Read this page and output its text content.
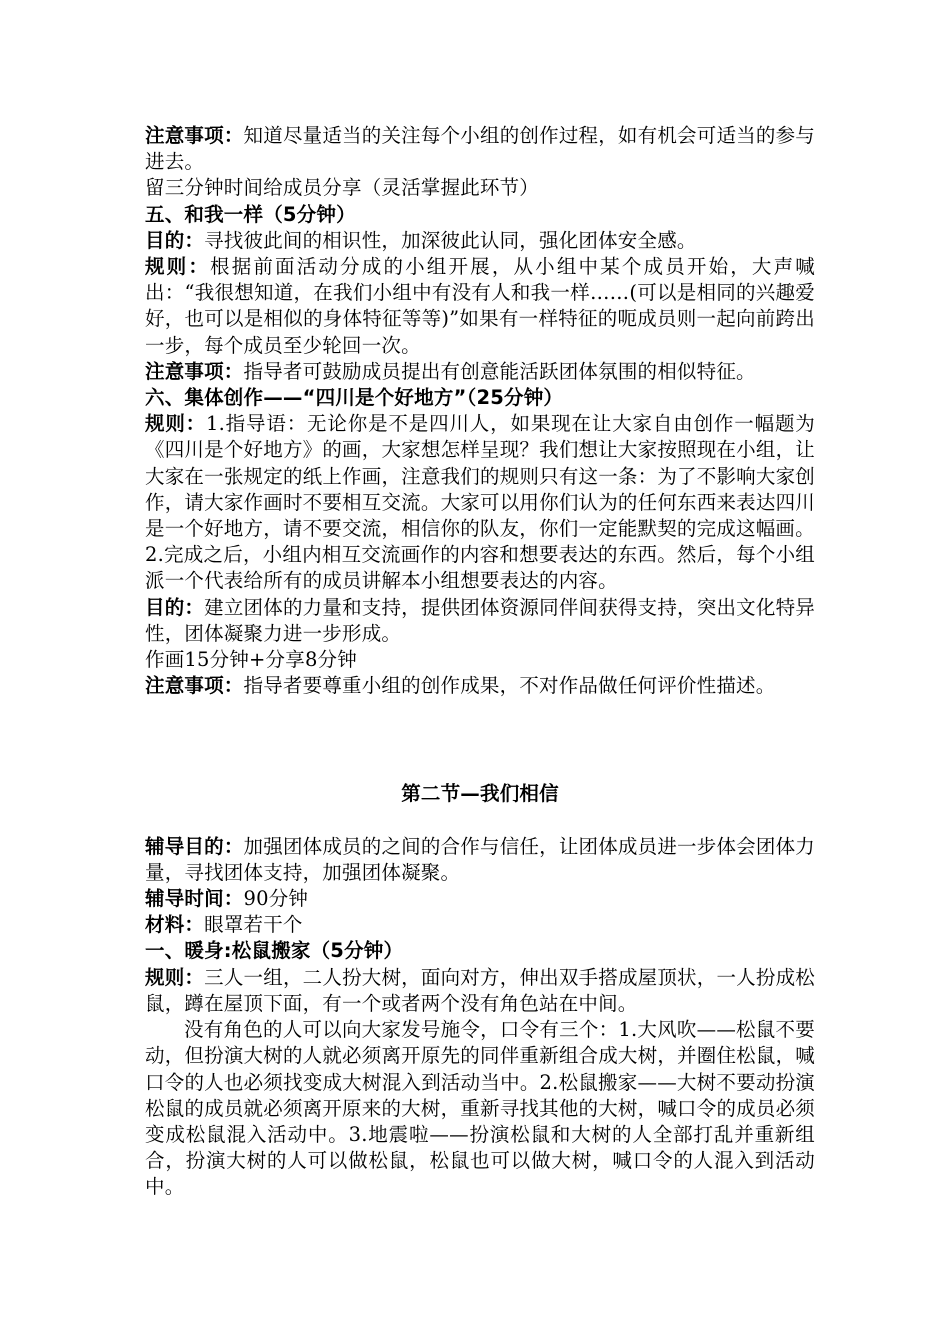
注意事项：知道尽量适当的关注每个小组的创作过程，如有机会可适当的参与进去。

留三分钟时间给成员分享（灵活掌握此环节）

五、和我一样（5分钟）

目的：寻找彼此间的相识性，加深彼此认同，强化团体安全感。

规则：根据前面活动分成的小组开展，从小组中某个成员开始，大声喊出：“我很想知道，在我们小组中有没有人和我一样……(可以是相同的兴趣爱好，也可以是相似的身体特征等等)”如果有一样特征的呃成员则一起向前跨出一步，每个成员至少轮回一次。

注意事项：指导者可鼓励成员提出有创意能活跃团体氛围的相似特征。

六、集体创作——“四川是个好地方”（25分钟）

规则：1.指导语：无论你是不是四川人，如果现在让大家自由创作一幅题为《四川是个好地方》的画，大家想怎样呈现？我们想让大家按照现在小组，让大家在一张规定的纸上作画，注意我们的规则只有这一条：为了不影响大家创作，请大家作画时不要相互交流。大家可以用你们认为的任何东西来表达四川是一个好地方，请不要交流，相信你的队友，你们一定能默契的完成这幅画。

2.完成之后，小组内相互交流画作的内容和想要表达的东西。然后，每个小组派一个代表给所有的成员讲解本小组想要表达的内容。

目的：建立团体的力量和支持，提供团体资源同伴间获得支持，突出文化特异性，团体凝聚力进一步形成。

作画15分钟+分享8分钟

注意事项：指导者要尊重小组的创作成果，不对作品做任何评价性描述。

第二节—我们相信

辅导目的：加强团体成员的之间的合作与信任，让团体成员进一步体会团体力量，寻找团体支持，加强团体凝聚。

辅导时间：90分钟

材料：眼罩若干个

一、暖身:松鼠搬家（5分钟）

规则：三人一组，二人扮大树，面向对方，伸出双手搭成屋顶状，一人扮成松鼠，蹲在屋顶下面，有一个或者两个没有角色站在中间。

没有角色的人可以向大家发号施令，口令有三个：1.大风吹——松鼠不要动，但扮演大树的人就必须离开原先的同伴重新组合成大树，并圈住松鼠，喊口令的人也必须找变成大树混入到活动当中。2.松鼠搬家——大树不要动扮演松鼠的成员就必须离开原来的大树，重新寻找其他的大树，喊口令的成员必须变成松鼠混入活动中。3.地震啦——扮演松鼠和大树的人全部打乱并重新组合，扮演大树的人可以做松鼠，松鼠也可以做大树，喊口令的人混入到活动中。
